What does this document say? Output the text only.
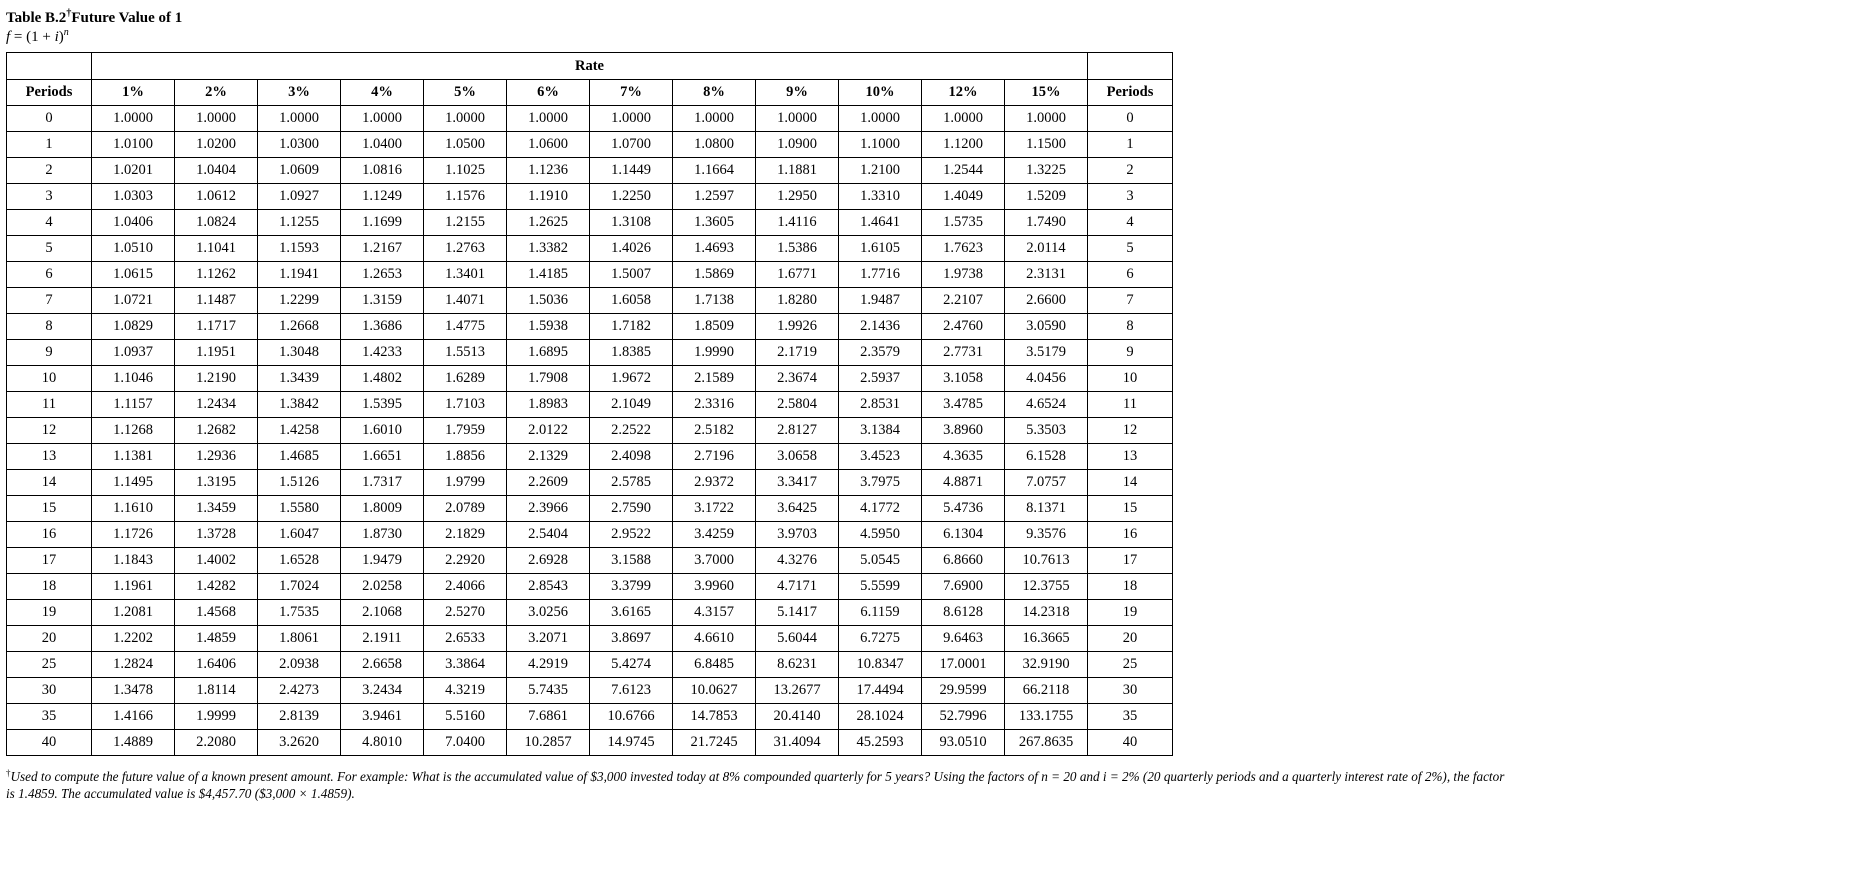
Table B.2†Future Value of 1
$f = (1 + i)^n$
	Rate												
Periods	1%	2%	3%	4%	5%	6%	7%	8%	9%	10%	12%	15%	Periods
0	1.0000	1.0000	1.0000	1.0000	1.0000	1.0000	1.0000	1.0000	1.0000	1.0000	1.0000	1.0000	0
1	1.0100	1.0200	1.0300	1.0400	1.0500	1.0600	1.0700	1.0800	1.0900	1.1000	1.1200	1.1500	1
2	1.0201	1.0404	1.0609	1.0816	1.1025	1.1236	1.1449	1.1664	1.1881	1.2100	1.2544	1.3225	2
3	1.0303	1.0612	1.0927	1.1249	1.1576	1.1910	1.2250	1.2597	1.2950	1.3310	1.4049	1.5209	3
4	1.0406	1.0824	1.1255	1.1699	1.2155	1.2625	1.3108	1.3605	1.4116	1.4641	1.5735	1.7490	4
5	1.0510	1.1041	1.1593	1.2167	1.2763	1.3382	1.4026	1.4693	1.5386	1.6105	1.7623	2.0114	5
6	1.0615	1.1262	1.1941	1.2653	1.3401	1.4185	1.5007	1.5869	1.6771	1.7716	1.9738	2.3131	6
7	1.0721	1.1487	1.2299	1.3159	1.4071	1.5036	1.6058	1.7138	1.8280	1.9487	2.2107	2.6600	7
8	1.0829	1.1717	1.2668	1.3686	1.4775	1.5938	1.7182	1.8509	1.9926	2.1436	2.4760	3.0590	8
9	1.0937	1.1951	1.3048	1.4233	1.5513	1.6895	1.8385	1.9990	2.1719	2.3579	2.7731	3.5179	9
10	1.1046	1.2190	1.3439	1.4802	1.6289	1.7908	1.9672	2.1589	2.3674	2.5937	3.1058	4.0456	10
11	1.1157	1.2434	1.3842	1.5395	1.7103	1.8983	2.1049	2.3316	2.5804	2.8531	3.4785	4.6524	11
12	1.1268	1.2682	1.4258	1.6010	1.7959	2.0122	2.2522	2.5182	2.8127	3.1384	3.8960	5.3503	12
13	1.1381	1.2936	1.4685	1.6651	1.8856	2.1329	2.4098	2.7196	3.0658	3.4523	4.3635	6.1528	13
14	1.1495	1.3195	1.5126	1.7317	1.9799	2.2609	2.5785	2.9372	3.3417	3.7975	4.8871	7.0757	14
15	1.1610	1.3459	1.5580	1.8009	2.0789	2.3966	2.7590	3.1722	3.6425	4.1772	5.4736	8.1371	15
16	1.1726	1.3728	1.6047	1.8730	2.1829	2.5404	2.9522	3.4259	3.9703	4.5950	6.1304	9.3576	16
17	1.1843	1.4002	1.6528	1.9479	2.2920	2.6928	3.1588	3.7000	4.3276	5.0545	6.8660	10.7613	17
18	1.1961	1.4282	1.7024	2.0258	2.4066	2.8543	3.3799	3.9960	4.7171	5.5599	7.6900	12.3755	18
19	1.2081	1.4568	1.7535	2.1068	2.5270	3.0256	3.6165	4.3157	5.1417	6.1159	8.6128	14.2318	19
20	1.2202	1.4859	1.8061	2.1911	2.6533	3.2071	3.8697	4.6610	5.6044	6.7275	9.6463	16.3665	20
25	1.2824	1.6406	2.0938	2.6658	3.3864	4.2919	5.4274	6.8485	8.6231	10.8347	17.0001	32.9190	25
30	1.3478	1.8114	2.4273	3.2434	4.3219	5.7435	7.6123	10.0627	13.2677	17.4494	29.9599	66.2118	30
35	1.4166	1.9999	2.8139	3.9461	5.5160	7.6861	10.6766	14.7853	20.4140	28.1024	52.7996	133.1755	35
40	1.4889	2.2080	3.2620	4.8010	7.0400	10.2857	14.9745	21.7245	31.4094	45.2593	93.0510	267.8635	40
†Used to compute the future value of a known present amount. For example: What is the accumulated value of $3,000 invested today at 8% compounded quarterly for 5 years? Using the factors of n = 20 and i = 2% (20 quarterly periods and a quarterly interest rate of 2%), the factor
is 1.4859. The accumulated value is $4,457.70 ($3,000 × 1.4859).
